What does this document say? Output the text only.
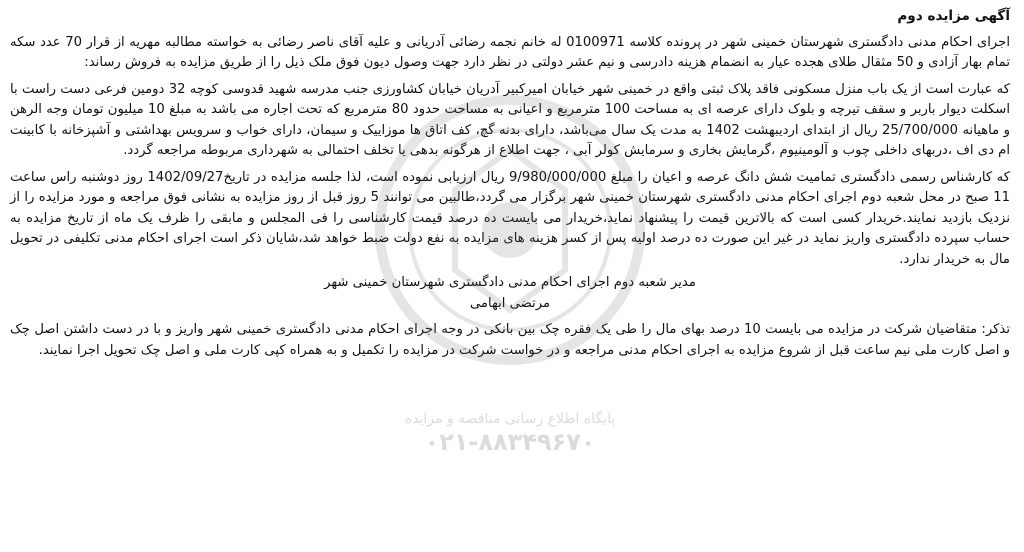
آگهی مزایده دوم
اجرای احکام مدنی دادگستری شهرستان خمینی شهر در پرونده کلاسه 0100971 له خانم نجمه رضائی آدریانی و علیه آقای ناصر رضائی به خواسته مطالبه مهریه از قرار 70 عدد سکه تمام بهار آزادی و 50 مثقال طلای هجده عیار به انضمام هزینه دادرسی و نیم عشر دولتی در نظر دارد جهت وصول دیون فوق ملک ذیل را از طریق مزایده به فروش رساند:
که عبارت است از یک باب منزل مسکونی فاقد پلاک ثبتی واقع در خمینی شهر خیابان امیرکبیر آدریان خیابان کشاورزی جنب مدرسه شهید قدوسی کوچه 32 دومین فرعی دست راست با اسکلت دیوار باربر و سقف تیرچه و بلوک دارای عرصه ای به مساحت 100 مترمربع و اعیانی به مساحت حدود 80 مترمربع که تحت اجاره می باشد به مبلغ 10 میلیون تومان وجه الرهن و ماهیانه 25/700/000 ریال از ابتدای اردیبهشت 1402 به مدت یک سال می‌باشد، دارای بدنه گچ، کف اتاق ها موزاییک و سیمان، دارای خواب و سرویس بهداشتی و آشپزخانه با کابینت ام دی اف ،دربهای داخلی چوب و آلومینیوم ،گرمایش بخاری و سرمایش کولر آبی ، جهت اطلاع از هرگونه بدهی یا تخلف احتمالی به شهرداری مربوطه مراجعه گردد.
که کارشناس رسمی دادگستری تمامیت شش دانگ عرصه و اعیان را مبلغ 9/980/000/000 ریال ارزیابی نموده است، لذا جلسه مزایده در تاریخ1402/09/27 روز دوشنبه راس ساعت 11 صبح در محل شعبه دوم اجرای احکام مدنی دادگستری شهرستان خمینی شهر برگزار می گردد،طالبین می توانند 5 روز قبل از روز مزایده به نشانی فوق مراجعه و مورد مزایده را از نزدیک بازدید نمایند.خریدار کسی است که بالاترین قیمت را پیشنهاد نماید،خریدار می بایست ده درصد قیمت کارشناسی را فی المجلس و مابقی را ظرف یک ماه از تاریخ مزایده به حساب سپرده دادگستری واریز نماید در غیر این صورت ده درصد اولیه پس از کسر هزینه های مزایده به نفع دولت ضبط خواهد شد،شایان ذکر است اجرای احکام مدنی تکلیفی در تحویل مال به خریدار ندارد.
مدیر شعبه دوم اجرای احکام مدنی دادگستری شهرستان خمینی شهر
مرتضی ابهامی
تذکر: متقاضیان شرکت در مزایده می بایست 10 درصد بهای مال را طی یک فقره چک بین بانکی در وجه اجرای احکام مدنی دادگستری خمینی شهر واریز و با در دست داشتن اصل چک و اصل کارت ملی نیم ساعت قبل از شروع مزایده به اجرای احکام مدنی مراجعه و در خواست شرکت در مزایده را تکمیل و به همراه کپی کارت ملی و اصل چک تحویل اجرا نمایند.
پایگاه اطلاع رسانی مناقصه و مزایده
۰۲۱-۸۸۳۴۹۶۷۰
